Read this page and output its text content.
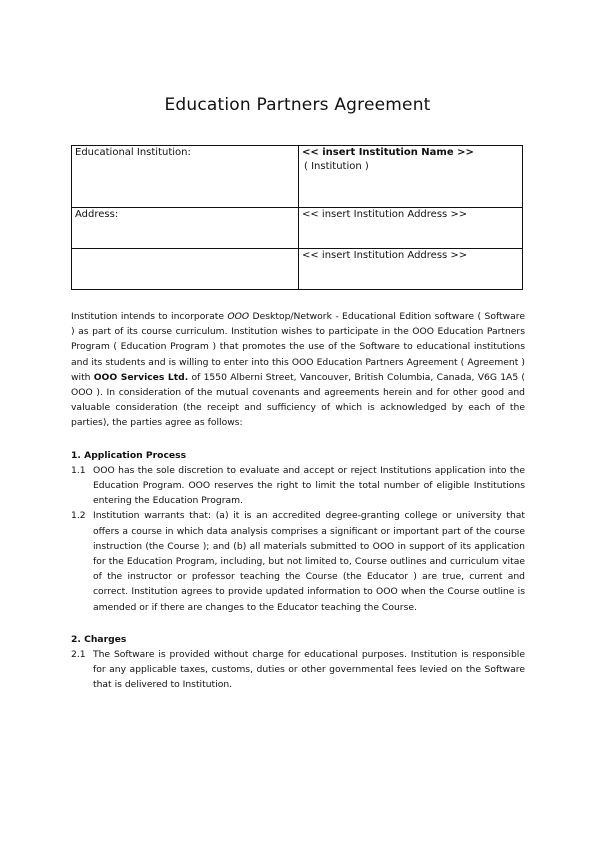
Education Partners Agreement
Educational Institution:	<< insert Institution Name >>
( Institution )

Address:	<< insert Institution Address >>
	<< insert Institution Address >>

Institution intends to incorporate OOO Desktop/Network - Educational Edition software ( Software ) as part of its course curriculum. Institution wishes to participate in the OOO Education Partners Program ( Education Program ) that promotes the use of the Software to educational institutions and its students and is willing to enter into this OOO Education Partners Agreement ( Agreement ) with OOO Services Ltd. of 1550 Alberni Street, Vancouver, British Columbia, Canada, V6G 1A5 ( OOO ). In consideration of the mutual covenants and agreements herein and for other good and valuable consideration (the receipt and sufficiency of which is acknowledged by each of the parties), the parties agree as follows:

1. Application Process
1.1 OOO has the sole discretion to evaluate and accept or reject Institutions application into the Education Program. OOO reserves the right to limit the total number of eligible Institutions entering the Education Program.
1.2 Institution warrants that: (a) it is an accredited degree-granting college or university that offers a course in which data analysis comprises a significant or important part of the course instruction (the Course ); and (b) all materials submitted to OOO in support of its application for the Education Program, including, but not limited to, Course outlines and curriculum vitae of the instructor or professor teaching the Course (the Educator ) are true, current and correct. Institution agrees to provide updated information to OOO when the Course outline is amended or if there are changes to the Educator teaching the Course.
2. Charges
2.1 The Software is provided without charge for educational purposes. Institution is responsible for any applicable taxes, customs, duties or other governmental fees levied on the Software that is delivered to Institution.
